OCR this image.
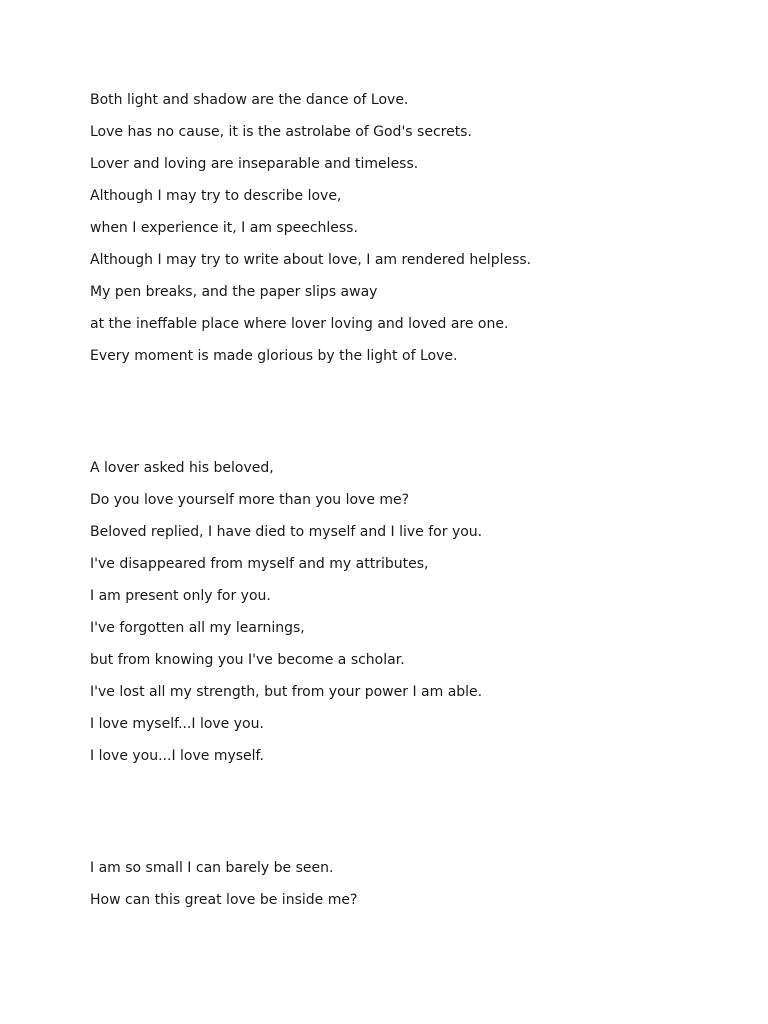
Both light and shadow are the dance of Love.
Love has no cause, it is the astrolabe of God's secrets.
Lover and loving are inseparable and timeless.
Although I may try to describe love,
when I experience it, I am speechless.
Although I may try to write about love, I am rendered helpless.
My pen breaks, and the paper slips away
at the ineffable place where lover loving and loved are one.
Every moment is made glorious by the light of Love.
A lover asked his beloved,
Do you love yourself more than you love me?
Beloved replied, I have died to myself and I live for you.
I've disappeared from myself and my attributes,
I am present only for you.
I've forgotten all my learnings,
but from knowing you I've become a scholar.
I've lost all my strength, but from your power I am able.
I love myself...I love you.
I love you...I love myself.
I am so small I can barely be seen.
How can this great love be inside me?
